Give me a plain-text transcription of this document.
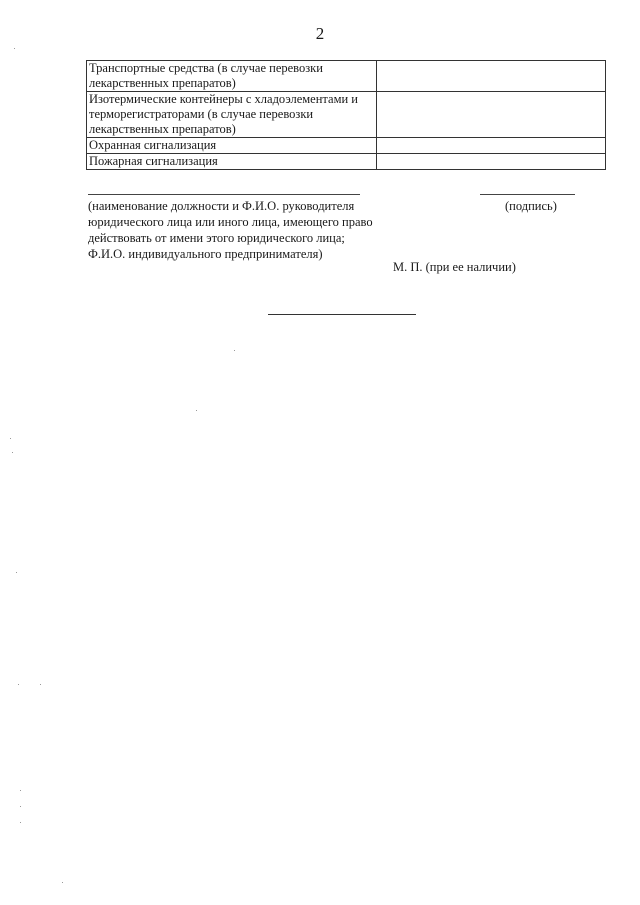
2
Транспортные средства (в случае перевозки
лекарственных препаратов)	

Изотермические контейнеры с хладоэлементами и
терморегистраторами (в случае перевозки
лекарственных препаратов)	

Охранная сигнализация	

Пожарная сигнализация	

(наименование должности и Ф.И.О. руководителя
юридического лица или иного лица, имеющего право
действовать от имени этого юридического лица;
Ф.И.О. индивидуального предпринимателя)
(подпись)
М. П. (при ее наличии)
